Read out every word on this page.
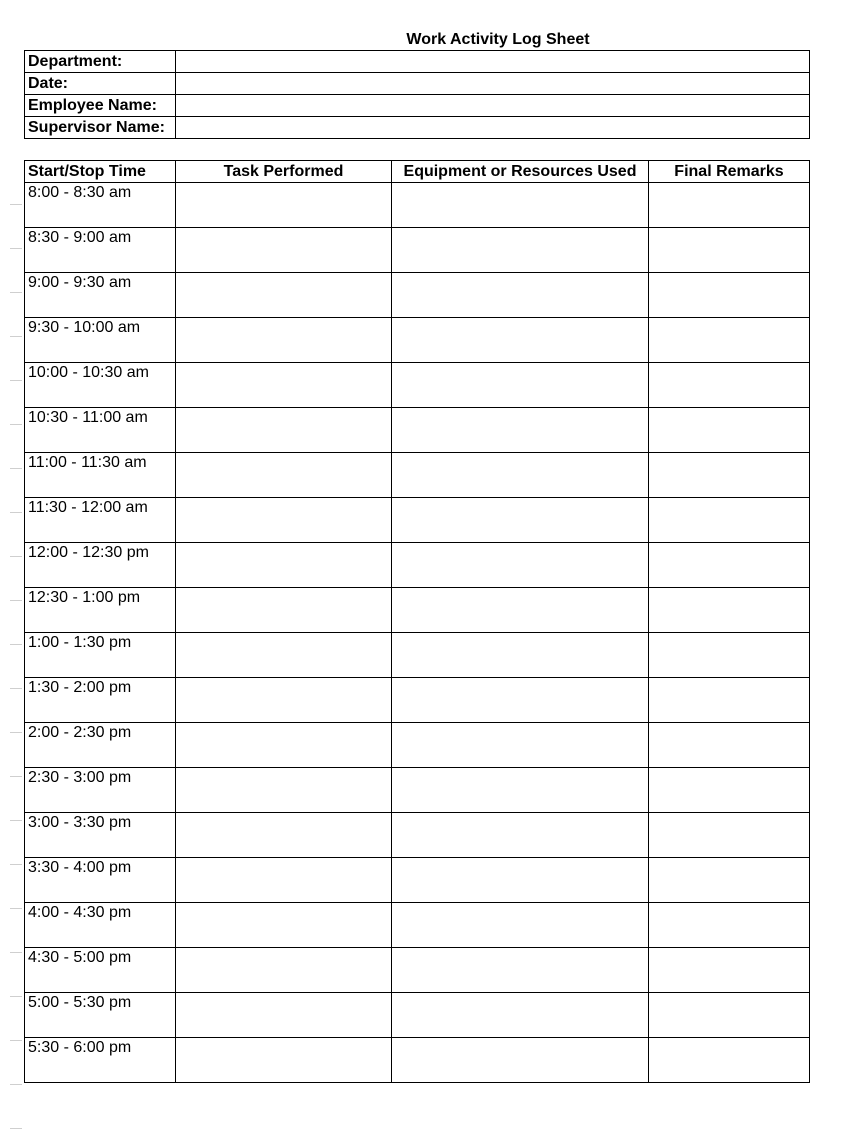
Work Activity Log Sheet
Department:	
Date:	
Employee Name:	
Supervisor Name:	
Start/Stop Time	Task Performed	Equipment or Resources Used	Final Remarks
8:00 - 8:30 am			
8:30 - 9:00 am			
9:00 - 9:30 am			
9:30 - 10:00 am			
10:00 - 10:30 am			
10:30 - 11:00 am			
11:00 - 11:30 am			
11:30 - 12:00 am			
12:00 - 12:30 pm			
12:30 - 1:00 pm			
1:00 - 1:30 pm			
1:30 - 2:00 pm			
2:00 - 2:30 pm			
2:30 - 3:00 pm			
3:00 - 3:30 pm			
3:30 - 4:00 pm			
4:00 - 4:30 pm			
4:30 - 5:00 pm			
5:00 - 5:30 pm			
5:30 - 6:00 pm			
